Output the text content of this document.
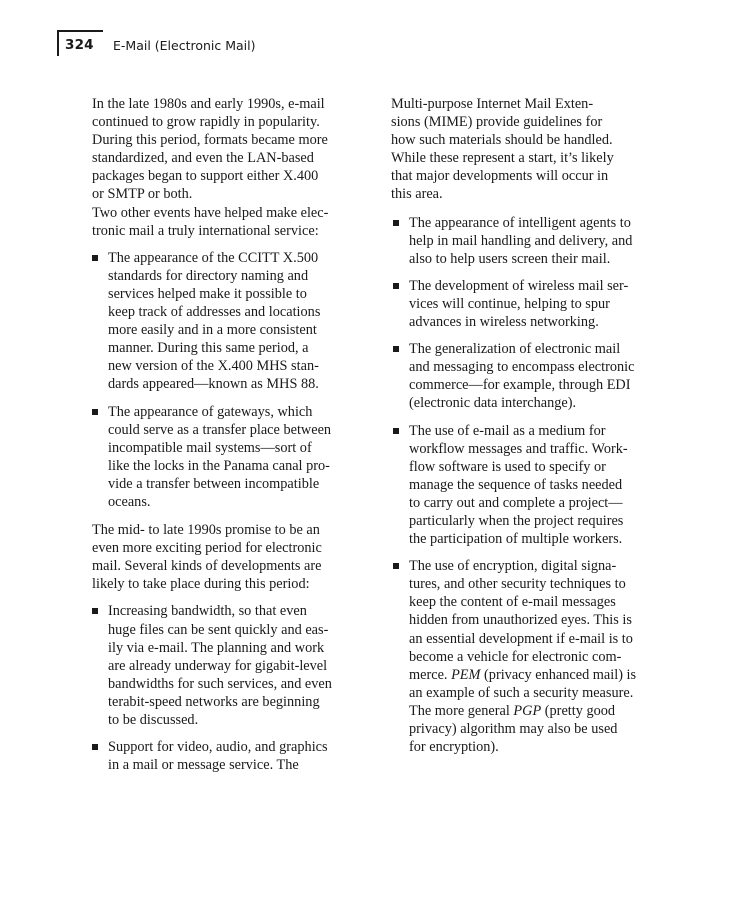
324 E-Mail (Electronic Mail)

In the late 1980s and early 1990s, e-mail
continued to grow rapidly in popularity.
During this period, formats became more
standardized, and even the LAN-based
packages began to support either X.400
or SMTP or both.

Two other events have helped make elec-
tronic mail a truly international service:

The appearance of the CCITT X.500
standards for directory naming and
services helped make it possible to
keep track of addresses and locations
more easily and in a more consistent
manner. During this same period, a
new version of the X.400 MHS stan-
dards appeared—known as MHS 88.
The appearance of gateways, which
could serve as a transfer place between
incompatible mail systems—sort of
like the locks in the Panama canal pro-
vide a transfer between incompatible
oceans.

The mid- to late 1990s promise to be an
even more exciting period for electronic
mail. Several kinds of developments are
likely to take place during this period:

Increasing bandwidth, so that even
huge files can be sent quickly and eas-
ily via e-mail. The planning and work
are already underway for gigabit-level
bandwidths for such services, and even
terabit-speed networks are beginning
to be discussed.
Support for video, audio, and graphics
in a mail or message service. The

Multi-purpose Internet Mail Exten-
sions (MIME) provide guidelines for
how such materials should be handled.
While these represent a start, it’s likely
that major developments will occur in
this area.

The appearance of intelligent agents to
help in mail handling and delivery, and
also to help users screen their mail.
The development of wireless mail ser-
vices will continue, helping to spur
advances in wireless networking.
The generalization of electronic mail
and messaging to encompass electronic
commerce—for example, through EDI
(electronic data interchange).
The use of e-mail as a medium for
workflow messages and traffic. Work-
flow software is used to specify or
manage the sequence of tasks needed
to carry out and complete a project—
particularly when the project requires
the participation of multiple workers.
The use of encryption, digital signa-
tures, and other security techniques to
keep the content of e-mail messages
hidden from unauthorized eyes. This is
an essential development if e-mail is to
become a vehicle for electronic com-
merce. PEM (privacy enhanced mail) is
an example of such a security measure.
The more general PGP (pretty good
privacy) algorithm may also be used
for encryption).
